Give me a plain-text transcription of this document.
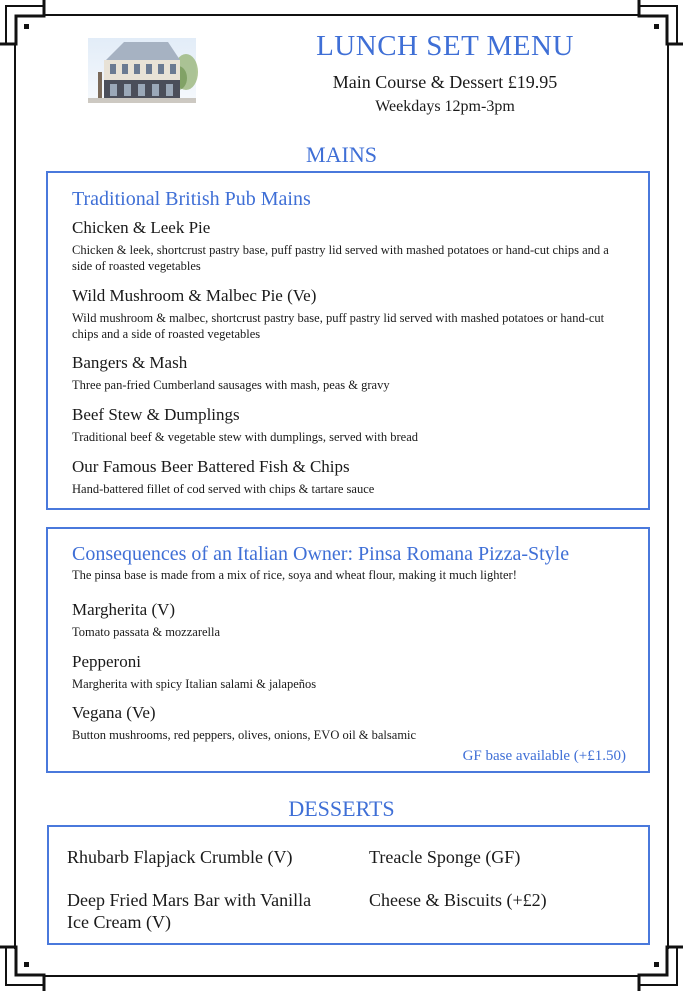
LUNCH SET MENU
Main Course & Dessert £19.95
Weekdays 12pm-3pm
MAINS
Traditional British Pub Mains
Chicken & Leek Pie
Chicken & leek, shortcrust pastry base, puff pastry lid served with mashed potatoes or hand-cut chips and a side of roasted vegetables
Wild Mushroom & Malbec Pie (Ve)
Wild mushroom & malbec, shortcrust pastry base, puff pastry lid served with mashed potatoes or hand-cut chips and a side of roasted vegetables
Bangers & Mash
Three pan-fried Cumberland sausages with mash, peas & gravy
Beef Stew & Dumplings
Traditional beef & vegetable stew with dumplings, served with bread
Our Famous Beer Battered Fish & Chips
Hand-battered fillet of cod served with chips & tartare sauce
Consequences of an Italian Owner: Pinsa Romana Pizza-Style
The pinsa base is made from a mix of rice, soya and wheat flour, making it much lighter!
Margherita (V)
Tomato passata & mozzarella
Pepperoni
Margherita with spicy Italian salami & jalapeños
Vegana (Ve)
Button mushrooms, red peppers, olives, onions, EVO oil & balsamic
GF base available (+£1.50)
DESSERTS
Rhubarb Flapjack Crumble (V)	Treacle Sponge (GF)
Deep Fried Mars Bar with Vanilla Ice Cream (V)
Cheese & Biscuits (+£2)
